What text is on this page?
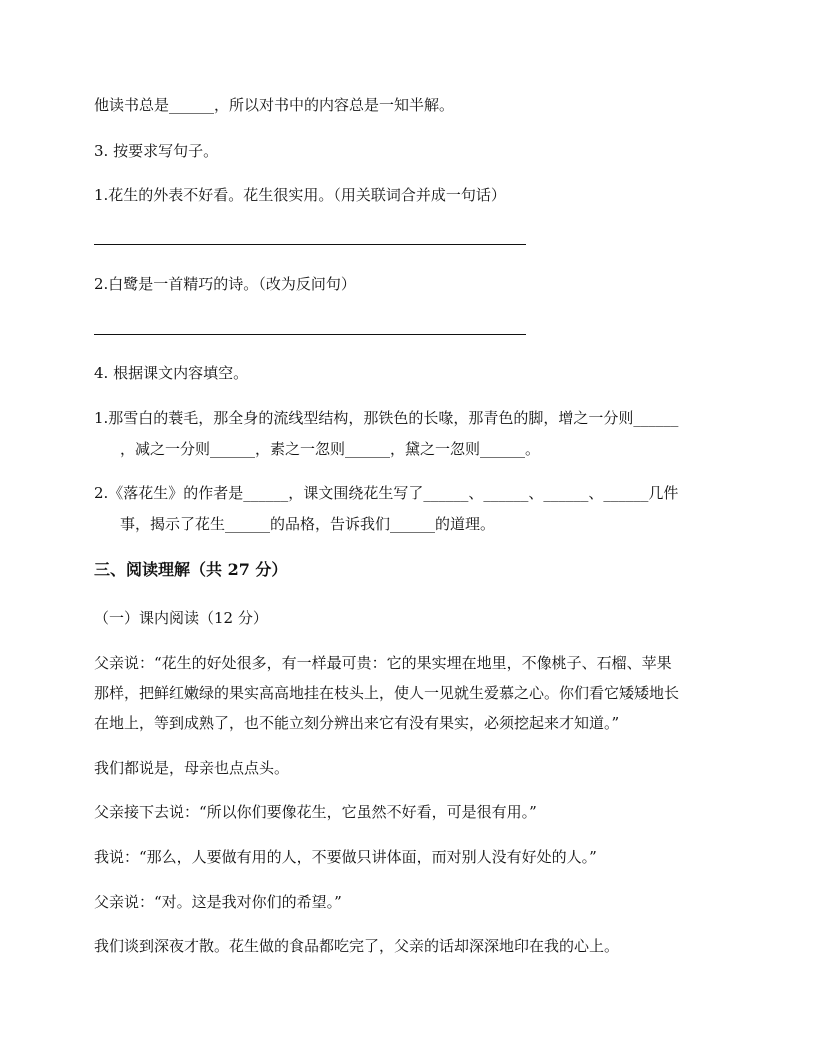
他读书总是______，所以对书中的内容总是一知半解。
3. 按要求写句子。
1.花生的外表不好看。花生很实用。（用关联词合并成一句话）
2.白鹭是一首精巧的诗。（改为反问句）
4. 根据课文内容填空。
1.那雪白的蓑毛，那全身的流线型结构，那铁色的长喙，那青色的脚，增之一分则______
，减之一分则______，素之一忽则______，黛之一忽则______。
2.《落花生》的作者是______，课文围绕花生写了______、______、______、______几件
事，揭示了花生______的品格，告诉我们______的道理。
三、阅读理解（共 27 分）
（一）课内阅读（12 分）
父亲说：“花生的好处很多，有一样最可贵：它的果实埋在地里，不像桃子、石榴、苹果
那样，把鲜红嫩绿的果实高高地挂在枝头上，使人一见就生爱慕之心。你们看它矮矮地长
在地上，等到成熟了，也不能立刻分辨出来它有没有果实，必须挖起来才知道。”
我们都说是，母亲也点点头。
父亲接下去说：“所以你们要像花生，它虽然不好看，可是很有用。”
我说：“那么，人要做有用的人，不要做只讲体面，而对别人没有好处的人。”
父亲说：“对。这是我对你们的希望。”
我们谈到深夜才散。花生做的食品都吃完了，父亲的话却深深地印在我的心上。
